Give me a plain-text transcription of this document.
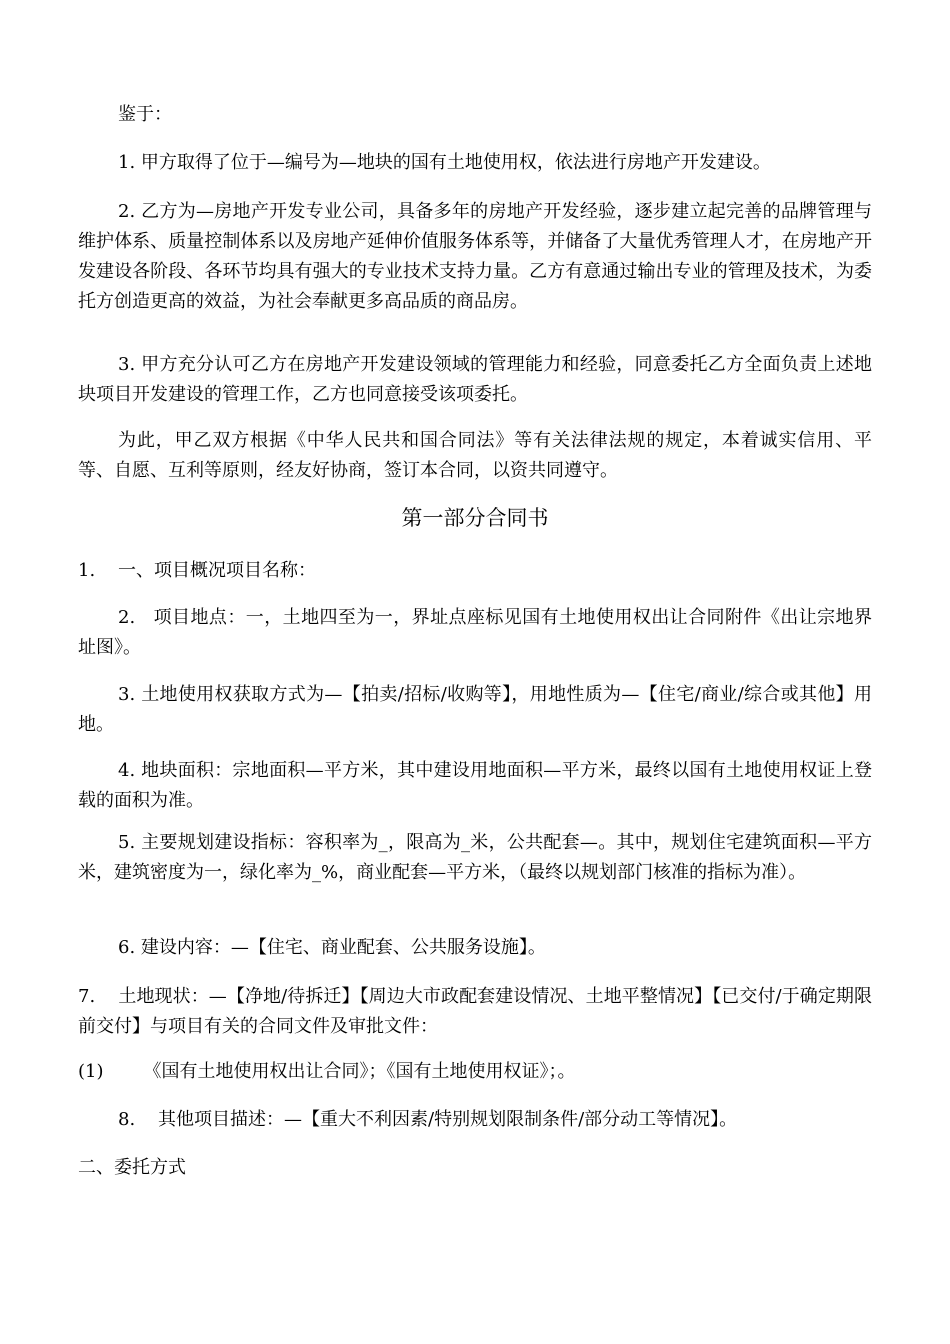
鉴于：

1. 甲方取得了位于—编号为—地块的国有土地使用权，依法进行房地产开发建设。

2. 乙方为—房地产开发专业公司，具备多年的房地产开发经验，逐步建立起完善的品牌管理与维护体系、质量控制体系以及房地产延伸价值服务体系等，并储备了大量优秀管理人才，在房地产开发建设各阶段、各环节均具有强大的专业技术支持力量。乙方有意通过输出专业的管理及技术，为委托方创造更高的效益，为社会奉献更多高品质的商品房。

3. 甲方充分认可乙方在房地产开发建设领域的管理能力和经验，同意委托乙方全面负责上述地块项目开发建设的管理工作，乙方也同意接受该项委托。

为此，甲乙双方根据《中华人民共和国合同法》等有关法律法规的规定，本着诚实信用、平等、自愿、互利等原则，经友好协商，签订本合同，以资共同遵守。

第一部分合同书

1.    一、项目概况项目名称：

2.   项目地点：一，土地四至为一，界址点座标见国有土地使用权出让合同附件《出让宗地界址图》。

3. 土地使用权获取方式为—【拍卖/招标/收购等】，用地性质为—【住宅/商业/综合或其他】用地。

4. 地块面积：宗地面积—平方米，其中建设用地面积—平方米，最终以国有土地使用权证上登载的面积为准。

5. 主要规划建设指标：容积率为_，限高为_米，公共配套—。其中，规划住宅建筑面积—平方米，建筑密度为一，绿化率为_%，商业配套—平方米，（最终以规划部门核准的指标为准）。

6. 建设内容：—【住宅、商业配套、公共服务设施】。

7.    土地现状：—【净地/待拆迁】【周边大市政配套建设情况、土地平整情况】【已交付/于确定期限前交付】与项目有关的合同文件及审批文件：

(1)       《国有土地使用权出让合同》；《国有土地使用权证》；。

8.    其他项目描述：—【重大不利因素/特别规划限制条件/部分动工等情况】。

二、委托方式
